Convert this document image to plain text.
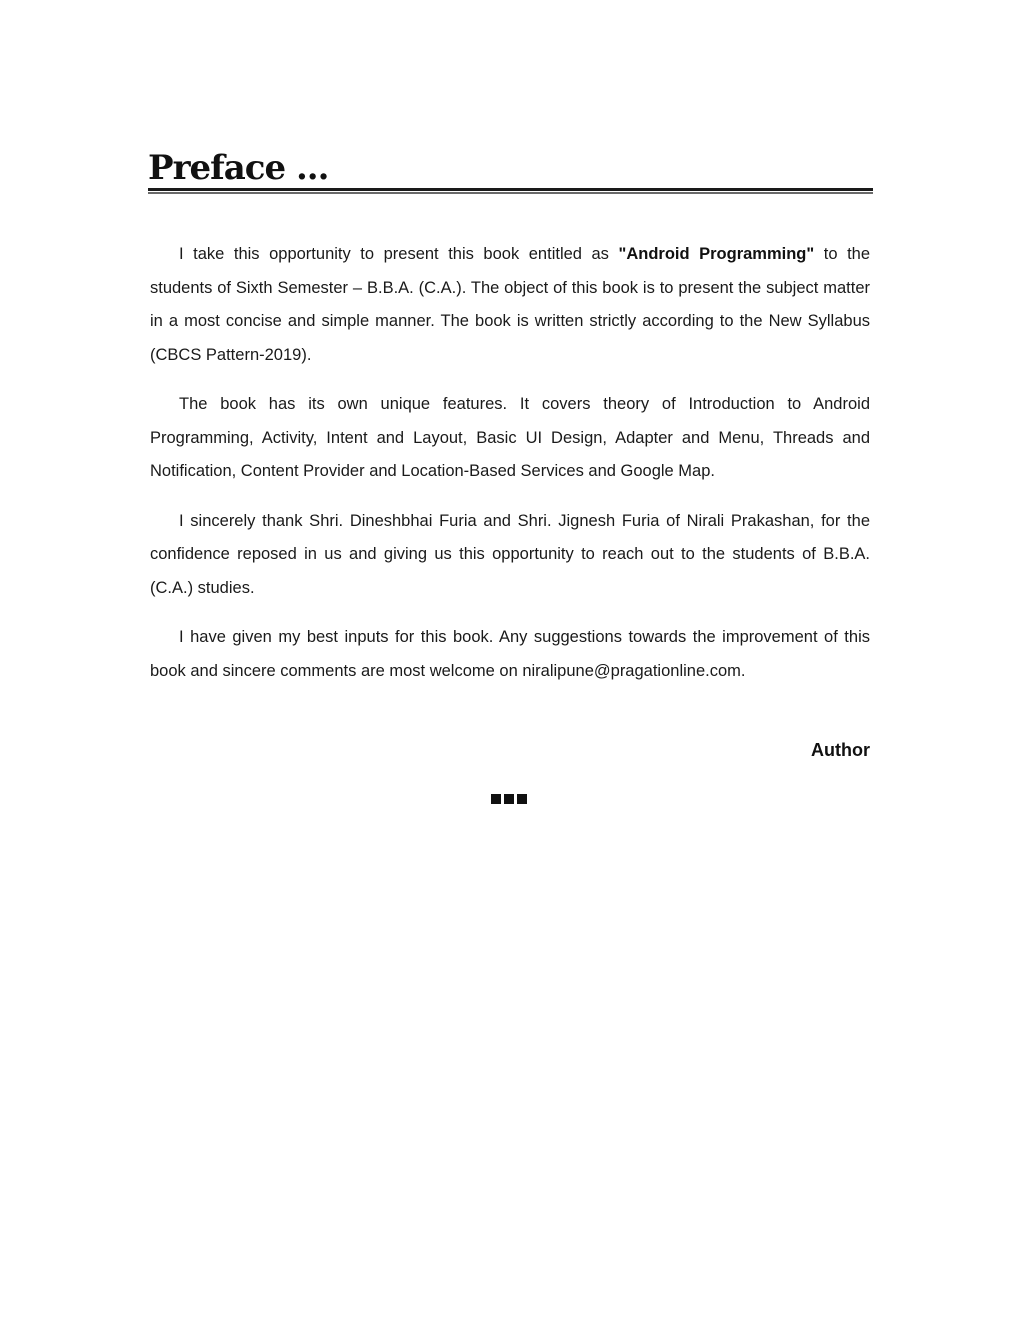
Preface ...

I take this opportunity to present this book entitled as "Android Programming" to the students of Sixth Semester – B.B.A. (C.A.). The object of this book is to present the subject matter in a most concise and simple manner. The book is written strictly according to the New Syllabus (CBCS Pattern-2019).

The book has its own unique features. It covers theory of Introduction to Android Programming, Activity, Intent and Layout, Basic UI Design, Adapter and Menu, Threads and Notification, Content Provider and Location-Based Services and Google Map.

I sincerely thank Shri. Dineshbhai Furia and Shri. Jignesh Furia of Nirali Prakashan, for the confidence reposed in us and giving us this opportunity to reach out to the students of B.B.A. (C.A.) studies.

I have given my best inputs for this book. Any suggestions towards the improvement of this book and sincere comments are most welcome on niralipune@pragationline.com.

Author
